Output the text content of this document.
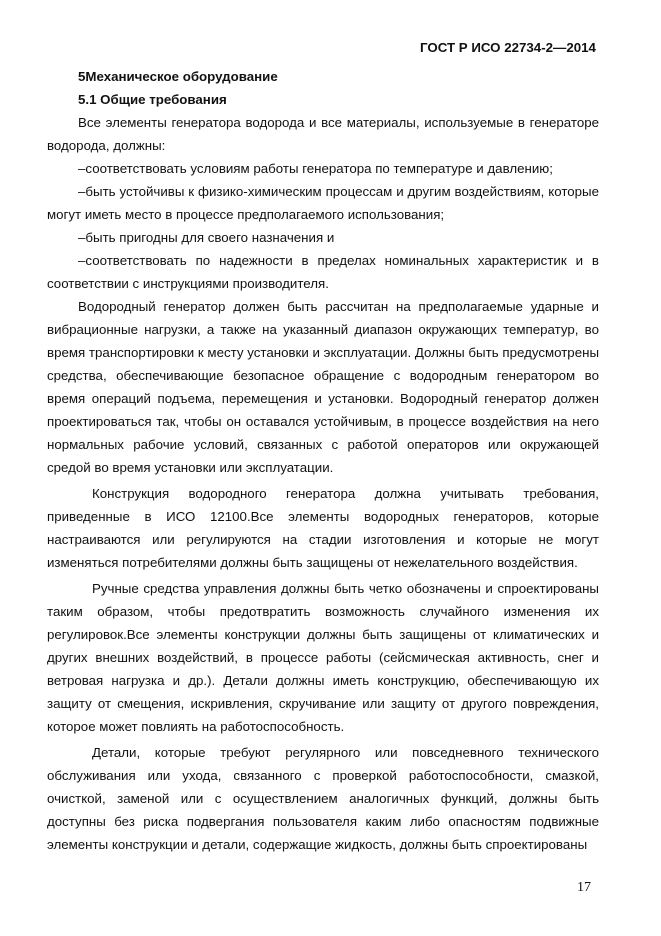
ГОСТ Р ИСО 22734-2—2014

5Механическое оборудование

5.1 Общие требования

Все элементы генератора водорода и все материалы, используемые в генераторе водорода, должны:

–соответствовать условиям работы генератора по температуре и давлению;

–быть устойчивы к физико-химическим процессам и другим воздействиям, которые могут иметь место в процессе предполагаемого использования;

–быть пригодны для своего назначения и

–соответствовать по надежности в пределах номинальных характеристик и в соответствии с инструкциями производителя.

Водородный генератор должен быть рассчитан на предполагаемые ударные и вибрационные нагрузки, а также на указанный диапазон окружающих температур, во время транспортировки к месту установки и эксплуатации. Должны быть предусмотрены средства, обеспечивающие безопасное обращение с водородным генератором во время операций подъема, перемещения и установки. Водородный генератор должен проектироваться так, чтобы он оставался устойчивым, в процессе воздействия на него нормальных рабочие условий, связанных с работой операторов или окружающей средой во время установки или эксплуатации.

Конструкция водородного генератора должна учитывать требования, приведенные в ИСО 12100.Все элементы водородных генераторов, которые настраиваются или регулируются на стадии изготовления и которые не могут изменяться потребителями должны быть защищены от нежелательного воздействия.

Ручные средства управления должны быть четко обозначены и спроектированы таким образом, чтобы предотвратить возможность случайного изменения их регулировок.Все элементы конструкции должны быть защищены от климатических и других внешних воздействий, в процессе работы (сейсмическая активность, снег и ветровая нагрузка и др.). Детали должны иметь конструкцию, обеспечивающую их защиту от смещения, искривления, скручивание или защиту от другого повреждения, которое может повлиять на работоспособность.

Детали, которые требуют регулярного или повседневного технического обслуживания или ухода, связанного с проверкой работоспособности, смазкой, очисткой, заменой или с осуществлением аналогичных функций, должны быть доступны без риска подвергания пользователя каким либо опасностям подвижные элементы конструкции и детали, содержащие жидкость, должны быть спроектированы

17
